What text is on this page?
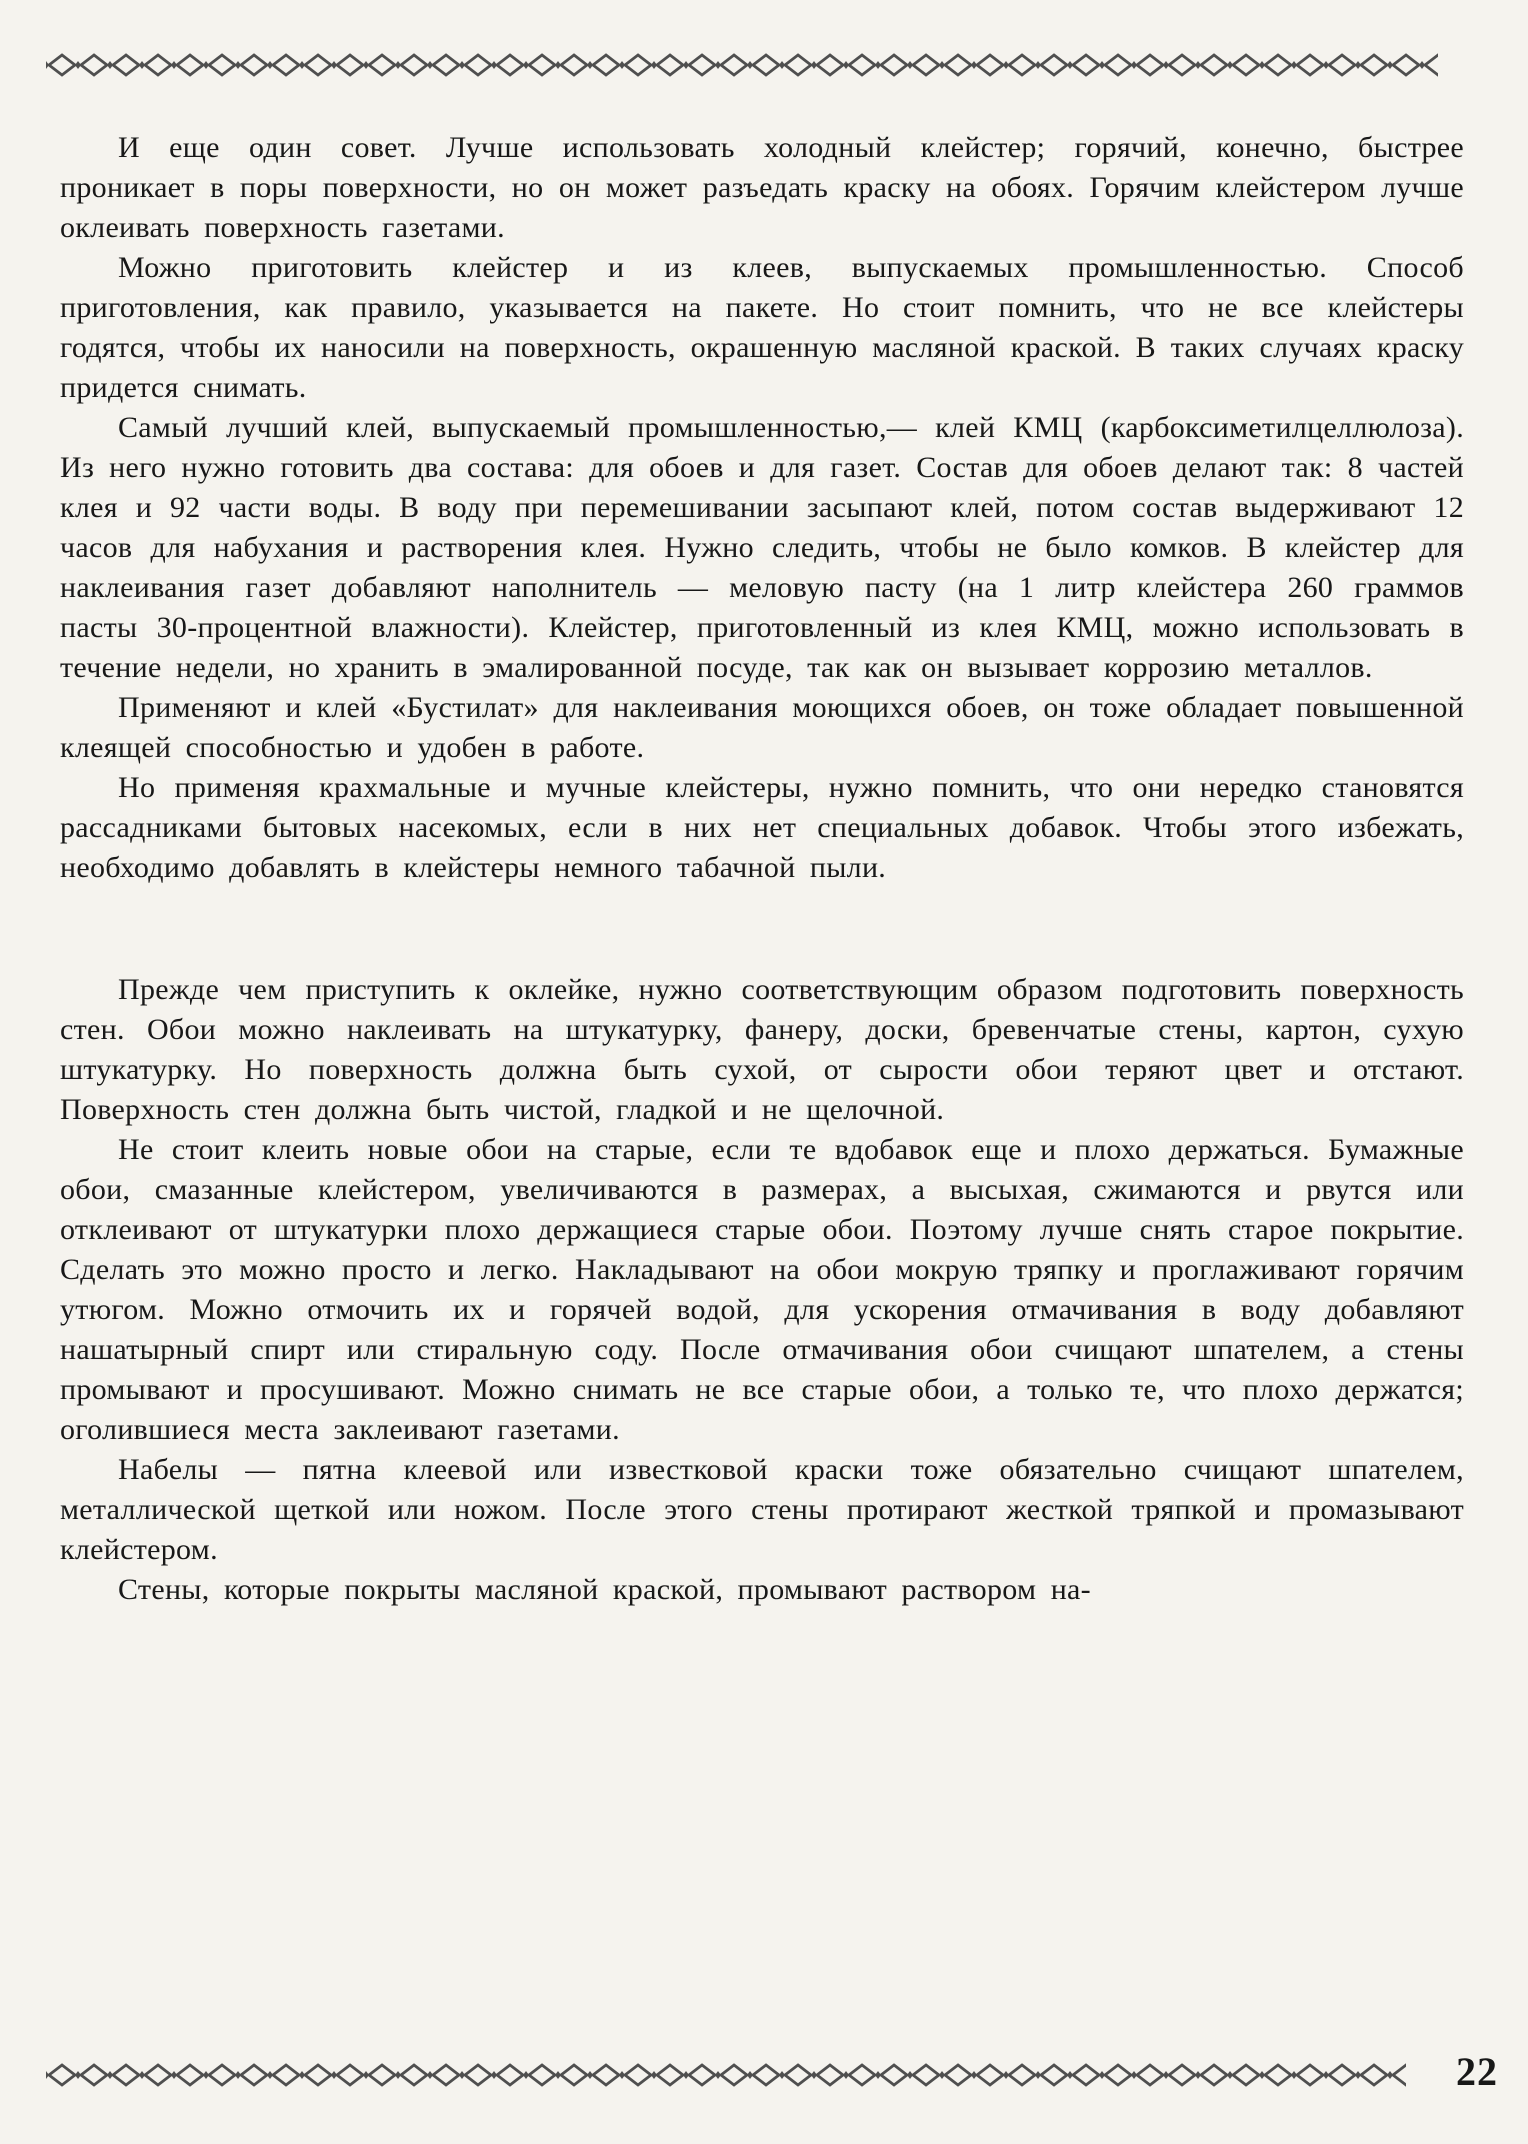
И еще один совет. Лучше использовать холодный клейстер; горячий, конечно, быстрее проникает в поры поверхности, но он может разъедать краску на обоях. Горячим клейстером лучше оклеивать поверхность газетами.

Можно приготовить клейстер и из клеев, выпускаемых промышленностью. Способ приготовления, как правило, указывается на пакете. Но стоит помнить, что не все клейстеры годятся, чтобы их наносили на поверхность, окрашенную масляной краской. В таких случаях краску придется снимать.

Самый лучший клей, выпускаемый промышленностью,— клей КМЦ (карбоксиметилцеллюлоза). Из него нужно готовить два состава: для обоев и для газет. Состав для обоев делают так: 8 частей клея и 92 части воды. В воду при перемешивании засыпают клей, потом состав выдерживают 12 часов для набухания и растворения клея. Нужно следить, чтобы не было комков. В клейстер для наклеивания газет добавляют наполнитель — меловую пасту (на 1 литр клейстера 260 граммов пасты 30-процентной влажности). Клейстер, приготовленный из клея КМЦ, можно использовать в течение недели, но хранить в эмалированной посуде, так как он вызывает коррозию металлов.

Применяют и клей «Бустилат» для наклеивания моющихся обоев, он тоже обладает повышенной клеящей способностью и удобен в работе.

Но применяя крахмальные и мучные клейстеры, нужно помнить, что они нередко становятся рассадниками бытовых насекомых, если в них нет специальных добавок. Чтобы этого избежать, необходимо добавлять в клейстеры немного табачной пыли.

Прежде чем приступить к оклейке, нужно соответствующим образом подготовить поверхность стен. Обои можно наклеивать на штукатурку, фанеру, доски, бревенчатые стены, картон, сухую штукатурку. Но поверхность должна быть сухой, от сырости обои теряют цвет и отстают. Поверхность стен должна быть чистой, гладкой и не щелочной.

Не стоит клеить новые обои на старые, если те вдобавок еще и плохо держаться. Бумажные обои, смазанные клейстером, увеличиваются в размерах, а высыхая, сжимаются и рвутся или отклеивают от штукатурки плохо держащиеся старые обои. Поэтому лучше снять старое покрытие. Сделать это можно просто и легко. Накладывают на обои мокрую тряпку и проглаживают горячим утюгом. Можно отмочить их и горячей водой, для ускорения отмачивания в воду добавляют нашатырный спирт или стиральную соду. После отмачивания обои счищают шпателем, а стены промывают и просушивают. Можно снимать не все старые обои, а только те, что плохо держатся; оголившиеся места заклеивают газетами.

Набелы — пятна клеевой или известковой краски тоже обязательно счищают шпателем, металлической щеткой или ножом. После этого стены протирают жесткой тряпкой и промазывают клейстером.

Стены, которые покрыты масляной краской, промывают раствором на-

22
